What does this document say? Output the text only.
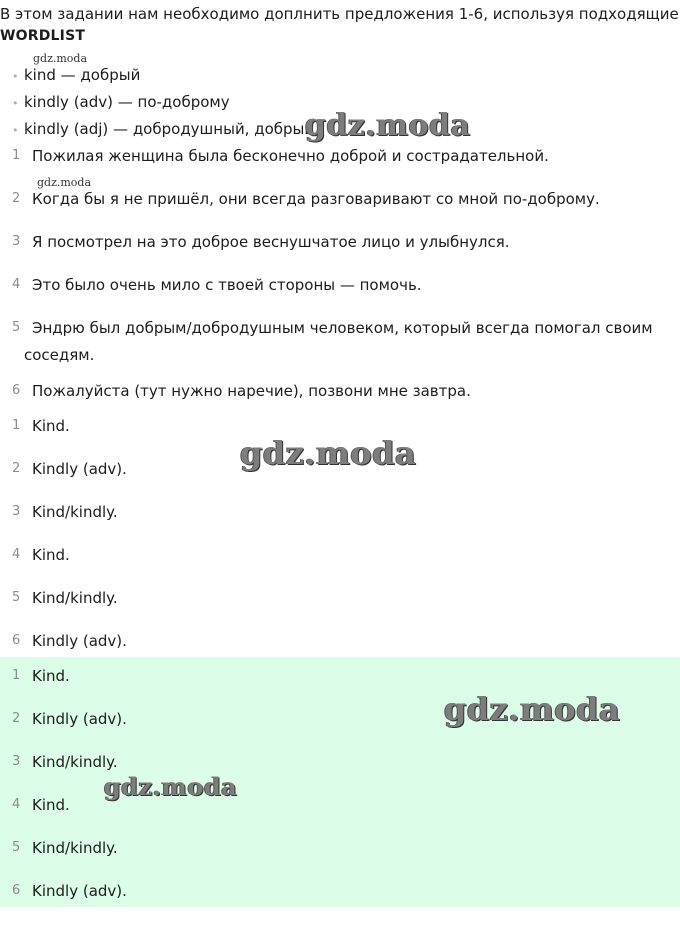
В этом задании нам необходимо доплнить предложения 1-6, используя подходящие
WORDLIST
gdz.moda
• kind — добрый
• kindly (adv) — по-доброму
• kindly (adj) — добродушный, добрый
gdz.moda
1 Пожилая женщина была бесконечно доброй и сострадательной.
gdz.moda
2 Когда бы я не пришёл, они всегда разговаривают со мной по-доброму.
3 Я посмотрел на это доброе веснушчатое лицо и улыбнулся.
4 Это было очень мило с твоей стороны — помочь.
5 Эндрю был добрым/добродушным человеком, который всегда помогал своим
соседям.
6 Пожалуйста (тут нужно наречие), позвони мне завтра.
1 Kind.
gdz.moda
2 Kindly (adv).
3 Kind/kindly.
4 Kind.
5 Kind/kindly.
6 Kindly (adv).
1 Kind.
gdz.moda
2 Kindly (adv).
3 Kind/kindly.
gdz.moda
4 Kind.
5 Kind/kindly.
6 Kindly (adv).
